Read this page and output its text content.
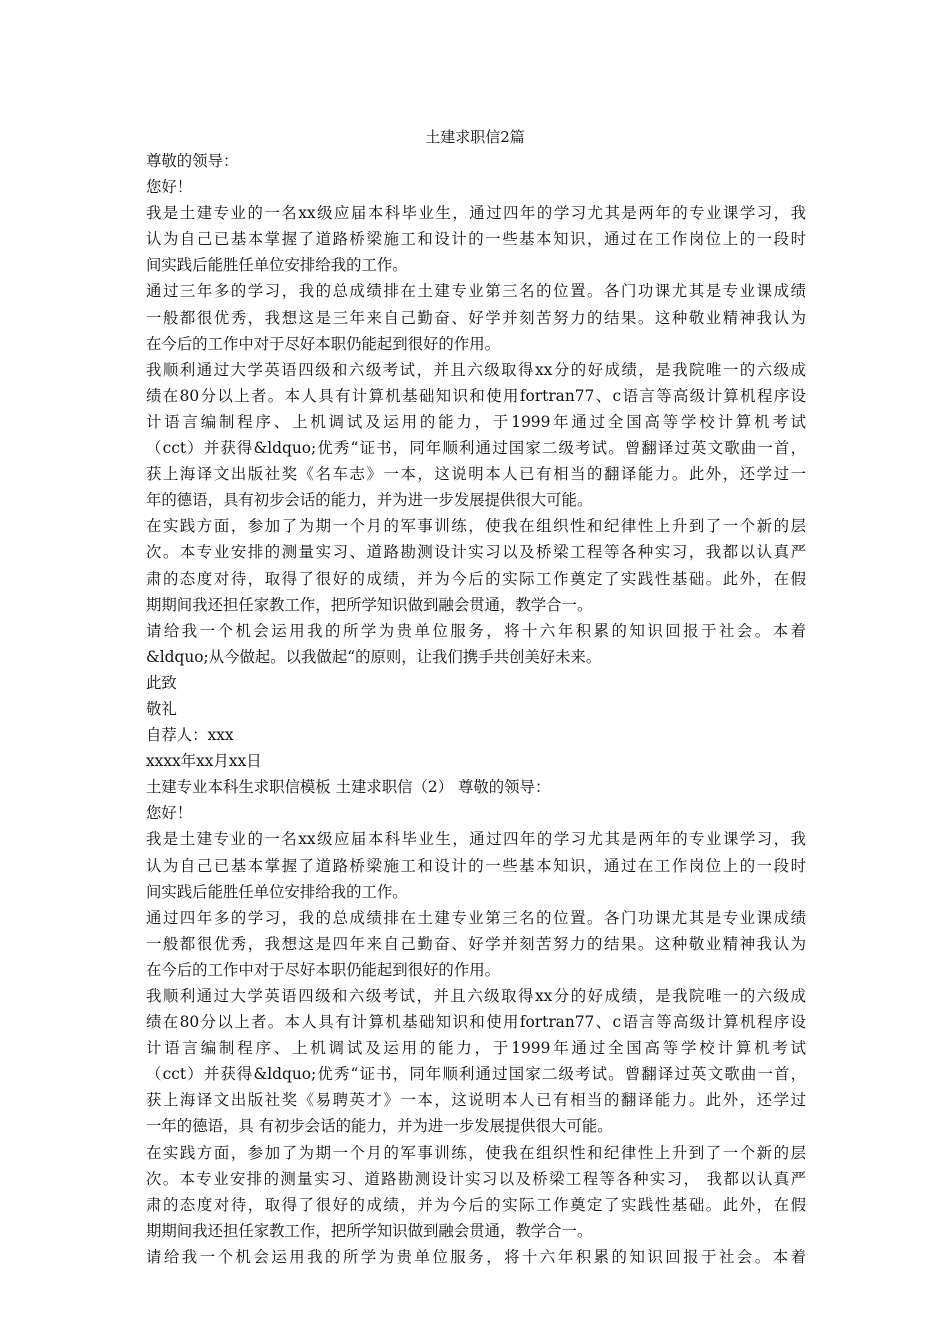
土建求职信2篇
尊敬的领导：
您好！
我是土建专业的一名xx级应届本科毕业生，通过四年的学习尤其是两年的专业课学习，我
认为自己已基本掌握了道路桥梁施工和设计的一些基本知识，通过在工作岗位上的一段时
间实践后能胜任单位安排给我的工作。
通过三年多的学习，我的总成绩排在土建专业第三名的位置。各门功课尤其是专业课成绩
一般都很优秀，我想这是三年来自己勤奋、好学并刻苦努力的结果。这种敬业精神我认为
在今后的工作中对于尽好本职仍能起到很好的作用。
我顺利通过大学英语四级和六级考试，并且六级取得xx分的好成绩，是我院唯一的六级成
绩在80分以上者。本人具有计算机基础知识和使用fortran77、c语言等高级计算机程序设
计语言编制程序、上机调试及运用的能力，于1999年通过全国高等学校计算机考试
（cct）并获得&ldquo;优秀“证书，同年顺利通过国家二级考试。曾翻译过英文歌曲一首，
获上海译文出版社奖《名车志》一本，这说明本人已有相当的翻译能力。此外，还学过一
年的德语，具有初步会话的能力，并为进一步发展提供很大可能。
在实践方面，参加了为期一个月的军事训练，使我在组织性和纪律性上升到了一个新的层
次。本专业安排的测量实习、道路勘测设计实习以及桥梁工程等各种实习，我都以认真严
肃的态度对待，取得了很好的成绩，并为今后的实际工作奠定了实践性基础。此外，在假
期期间我还担任家教工作，把所学知识做到融会贯通，教学合一。
请给我一个机会运用我的所学为贵单位服务，将十六年积累的知识回报于社会。本着
&ldquo;从今做起。以我做起“的原则，让我们携手共创美好未来。
此致
敬礼
自荐人：xxx
xxxx年xx月xx日
土建专业本科生求职信模板 土建求职信（2） 尊敬的领导：
您好！
我是土建专业的一名xx级应届本科毕业生，通过四年的学习尤其是两年的专业课学习，我
认为自己已基本掌握了道路桥梁施工和设计的一些基本知识，通过在工作岗位上的一段时
间实践后能胜任单位安排给我的工作。
通过四年多的学习，我的总成绩排在土建专业第三名的位置。各门功课尤其是专业课成绩
一般都很优秀，我想这是四年来自己勤奋、好学并刻苦努力的结果。这种敬业精神我认为
在今后的工作中对于尽好本职仍能起到很好的作用。
我顺利通过大学英语四级和六级考试，并且六级取得xx分的好成绩，是我院唯一的六级成
绩在80分以上者。本人具有计算机基础知识和使用fortran77、c语言等高级计算机程序设
计语言编制程序、上机调试及运用的能力，于1999年通过全国高等学校计算机考试
（cct）并获得&ldquo;优秀“证书，同年顺利通过国家二级考试。曾翻译过英文歌曲一首，
获上海译文出版社奖《易聘英才》一本，这说明本人已有相当的翻译能力。此外，还学过
一年的德语，具 有初步会话的能力，并为进一步发展提供很大可能。
在实践方面，参加了为期一个月的军事训练，使我在组织性和纪律性上升到了一个新的层
次。本专业安排的测量实习、道路勘测设计实习以及桥梁工程等各种实习， 我都以认真严
肃的态度对待，取得了很好的成绩，并为今后的实际工作奠定了实践性基础。此外，在假
期期间我还担任家教工作，把所学知识做到融会贯通，教学合一。
请给我一个机会运用我的所学为贵单位服务，将十六年积累的知识回报于社会。本着
